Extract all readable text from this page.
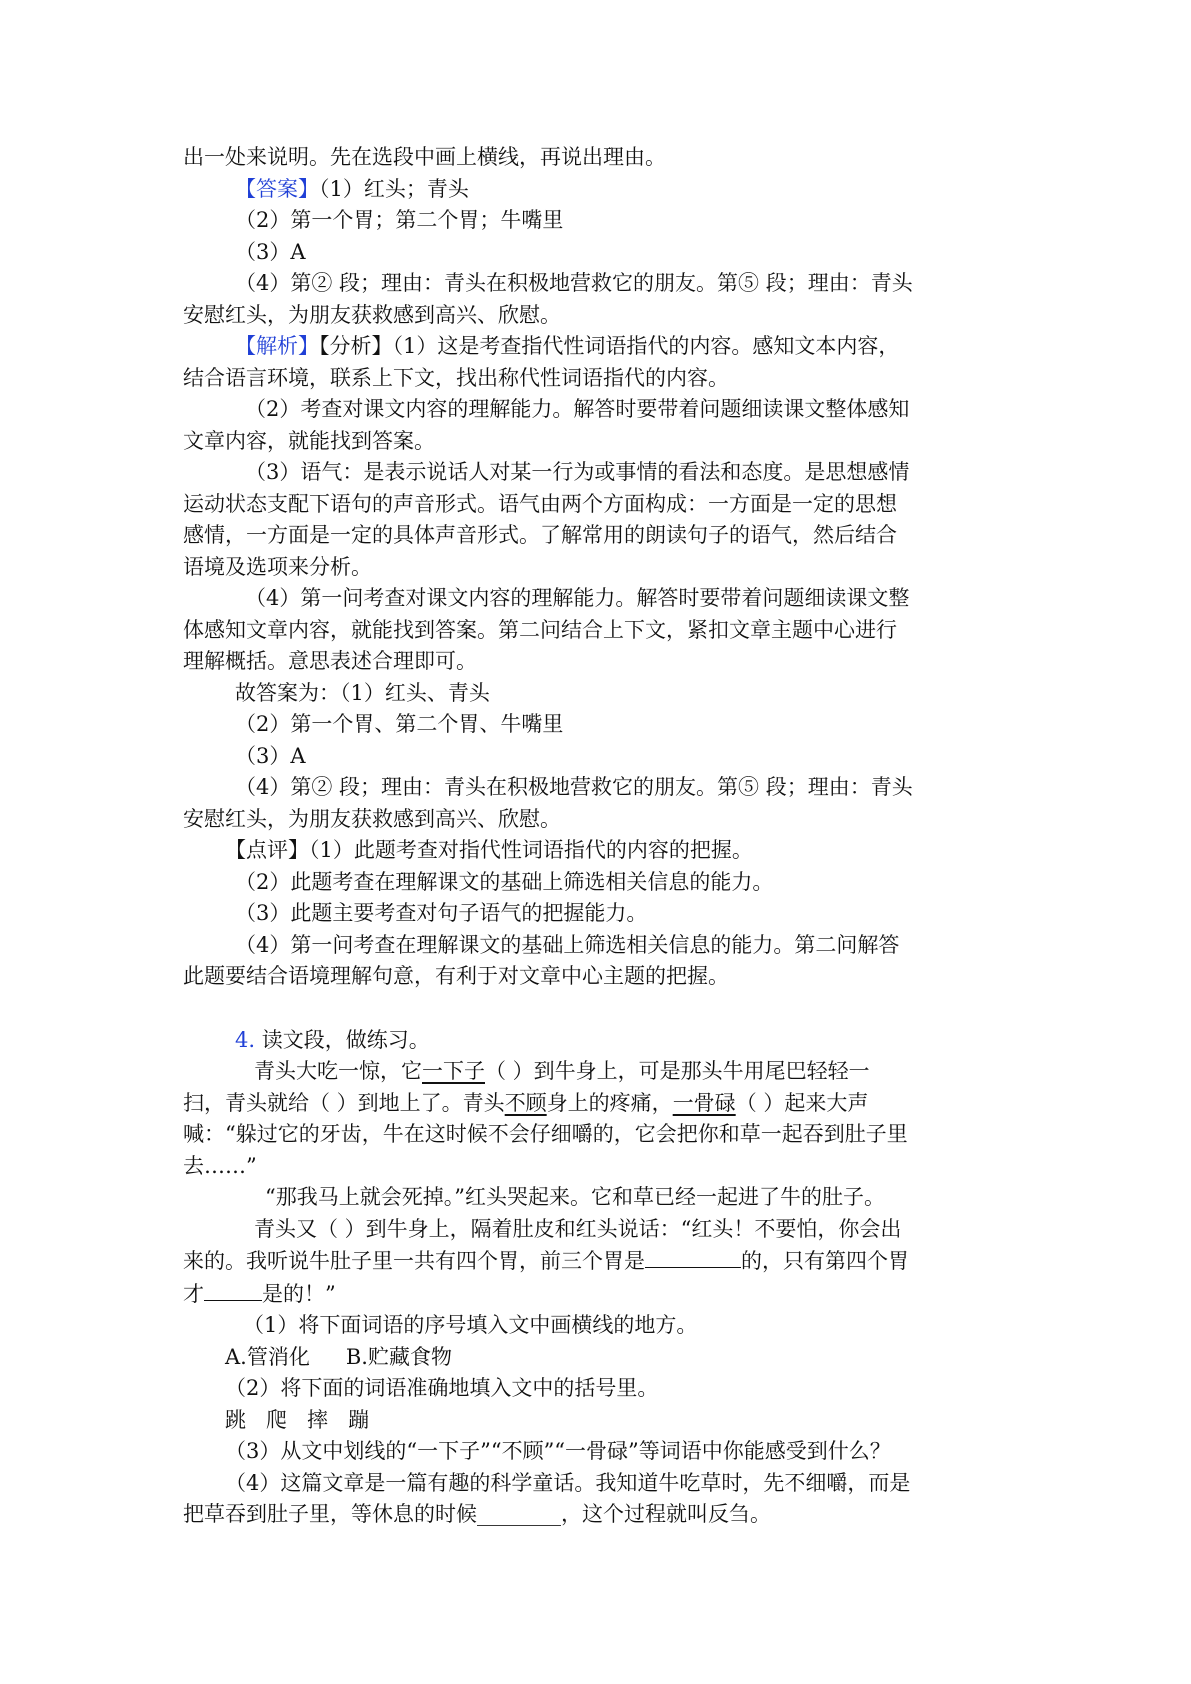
出一处来说明。先在选段中画上横线，再说出理由。

【答案】（1）红头；青头

（2）第一个胃；第二个胃；牛嘴里

（3）A

（4）第② 段；理由：青头在积极地营救它的朋友。第⑤ 段；理由：青头

安慰红头，为朋友获救感到高兴、欣慰。

【解析】【分析】（1）这是考查指代性词语指代的内容。感知文本内容，

结合语言环境，联系上下文，找出称代性词语指代的内容。

（2）考查对课文内容的理解能力。解答时要带着问题细读课文整体感知

文章内容，就能找到答案。

（3）语气：是表示说话人对某一行为或事情的看法和态度。是思想感情

运动状态支配下语句的声音形式。语气由两个方面构成：一方面是一定的思想

感情，一方面是一定的具体声音形式。了解常用的朗读句子的语气，然后结合

语境及选项来分析。

（4）第一问考查对课文内容的理解能力。解答时要带着问题细读课文整

体感知文章内容，就能找到答案。第二问结合上下文，紧扣文章主题中心进行

理解概括。意思表述合理即可。

故答案为：（1）红头、青头

（2）第一个胃、第二个胃、牛嘴里

（3）A

（4）第② 段；理由：青头在积极地营救它的朋友。第⑤ 段；理由：青头

安慰红头，为朋友获救感到高兴、欣慰。

【点评】（1）此题考查对指代性词语指代的内容的把握。

（2）此题考查在理解课文的基础上筛选相关信息的能力。

（3）此题主要考查对句子语气的把握能力。

（4）第一问考查在理解课文的基础上筛选相关信息的能力。第二问解答

此题要结合语境理解句意，有利于对文章中心主题的把握。

4. 读文段，做练习。

青头大吃一惊，它一下子（ ）到牛身上，可是那头牛用尾巴轻轻一

扫，青头就给（ ）到地上了。青头不顾身上的疼痛，一骨碌（ ）起来大声

喊：“躲过它的牙齿，牛在这时候不会仔细嚼的，它会把你和草一起吞到肚子里

去……”

“那我马上就会死掉。”红头哭起来。它和草已经一起进了牛的肚子。

青头又（ ）到牛身上，隔着肚皮和红头说话：“红头！不要怕，你会出

来的。我听说牛肚子里一共有四个胃，前三个胃是	的，只有第四个胃

才	是的！”

（1）将下面词语的序号填入文中画横线的地方。

A.管消化 B.贮藏食物

（2）将下面的词语准确地填入文中的括号里。

跳   爬   摔   蹦

（3）从文中划线的“一下子”“不顾”“一骨碌”等词语中你能感受到什么？

（4）这篇文章是一篇有趣的科学童话。我知道牛吃草时，先不细嚼，而是

把草吞到肚子里，等休息的时候________，这个过程就叫反刍。
